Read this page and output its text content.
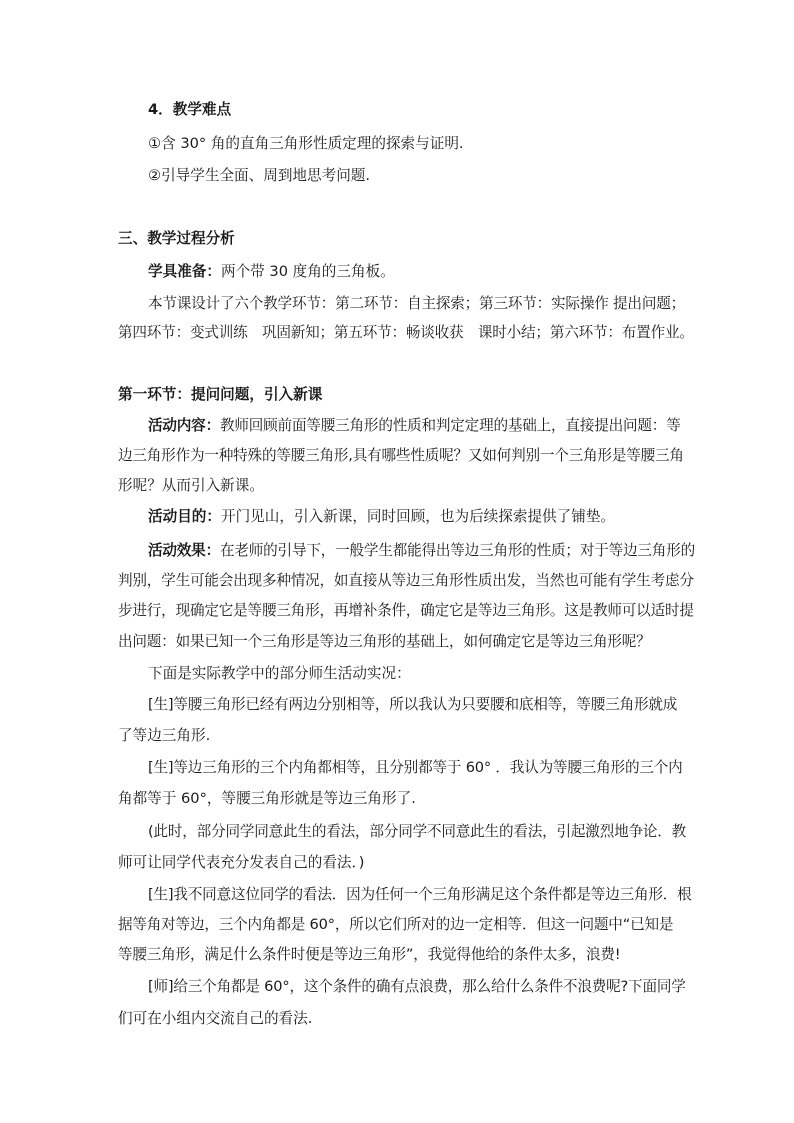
4．教学难点
①含 30° 角的直角三角形性质定理的探索与证明.
②引导学生全面、周到地思考问题.
三、教学过程分析
学具准备：两个带 30 度角的三角板。
本节课设计了六个教学环节：第二环节：自主探索；第三环节：实际操作 提出问题；
第四环节：变式训练　巩固新知；第五环节：畅谈收获　课时小结；第六环节：布置作业。
第一环节：提问问题，引入新课
活动内容：教师回顾前面等腰三角形的性质和判定定理的基础上，直接提出问题：等
边三角形作为一种特殊的等腰三角形,具有哪些性质呢？又如何判别一个三角形是等腰三角
形呢？从而引入新课。
活动目的：开门见山，引入新课，同时回顾，也为后续探索提供了铺垫。
活动效果：在老师的引导下，一般学生都能得出等边三角形的性质；对于等边三角形的
判别，学生可能会出现多种情况，如直接从等边三角形性质出发，当然也可能有学生考虑分
步进行，现确定它是等腰三角形，再增补条件，确定它是等边三角形。这是教师可以适时提
出问题：如果已知一个三角形是等边三角形的基础上，如何确定它是等边三角形呢？
下面是实际教学中的部分师生活动实况：
[生]等腰三角形已经有两边分别相等，所以我认为只要腰和底相等，等腰三角形就成
了等边三角形.
[生]等边三角形的三个内角都相等，且分别都等于 60° ．我认为等腰三角形的三个内
角都等于 60°，等腰三角形就是等边三角形了.
(此时，部分同学同意此生的看法，部分同学不同意此生的看法，引起激烈地争论．教
师可让同学代表充分发表自己的看法．)
[生]我不同意这位同学的看法．因为任何一个三角形满足这个条件都是等边三角形．根
据等角对等边，三个内角都是 60°，所以它们所对的边一定相等．但这一问题中“已知是
等腰三角形，满足什么条件时便是等边三角形”，我觉得他给的条件太多，浪费!
[师]给三个角都是 60°，这个条件的确有点浪费，那么给什么条件不浪费呢?下面同学
们可在小组内交流自己的看法.
